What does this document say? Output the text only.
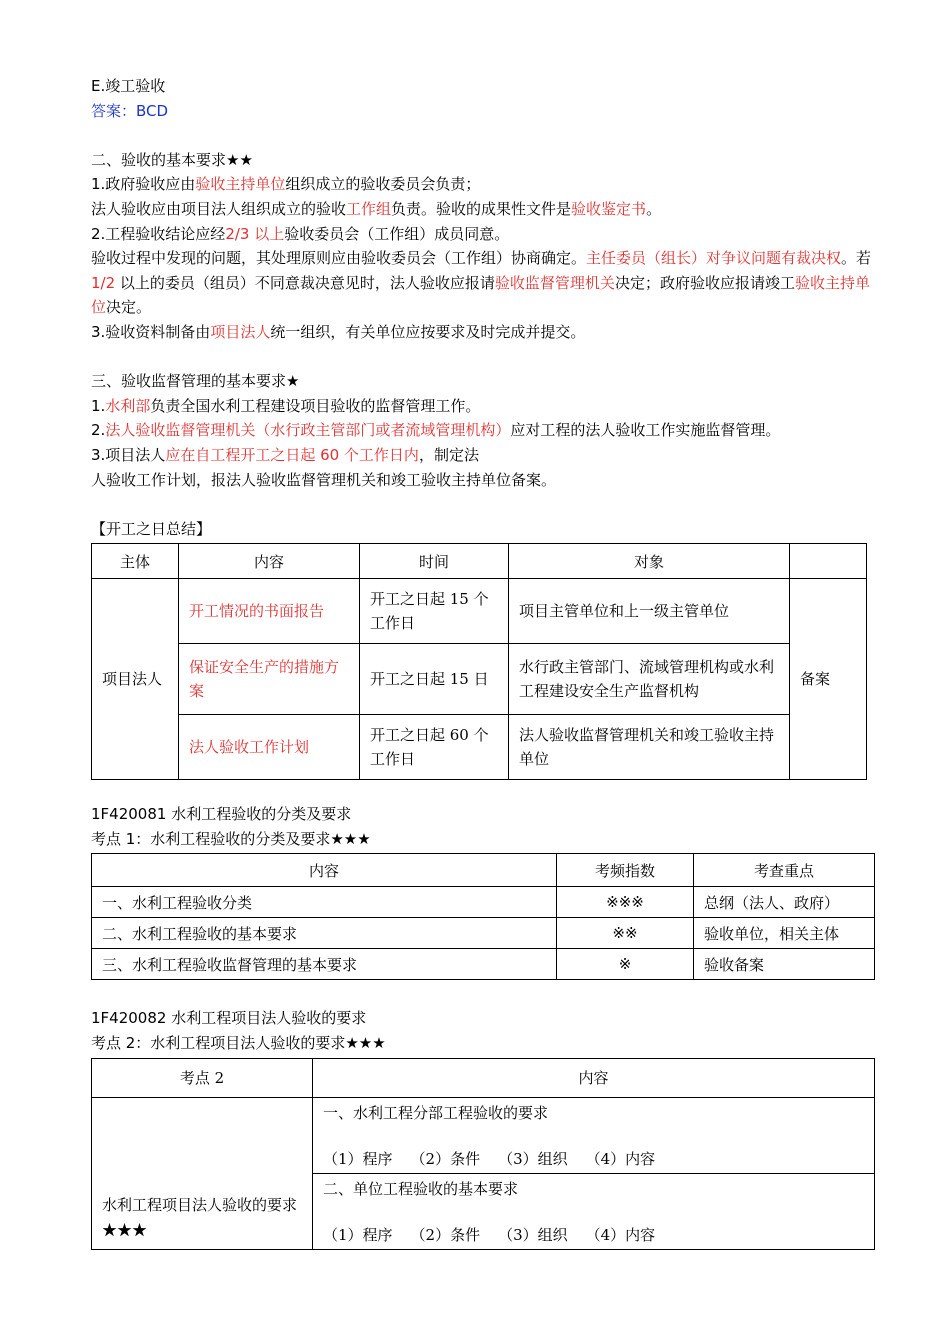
E.竣工验收
答案：BCD
二、验收的基本要求★★
1.政府验收应由验收主持单位组织成立的验收委员会负责；
法人验收应由项目法人组织成立的验收工作组负责。验收的成果性文件是验收鉴定书。
2.工程验收结论应经2/3 以上验收委员会（工作组）成员同意。
验收过程中发现的问题，其处理原则应由验收委员会（工作组）协商确定。主任委员（组长）对争议问题有裁决权。若 1/2 以上的委员（组员）不同意裁决意见时，法人验收应报请验收监督管理机关决定；政府验收应报请竣工验收主持单位决定。
3.验收资料制备由项目法人统一组织，有关单位应按要求及时完成并提交。
三、验收监督管理的基本要求★
1.水利部负责全国水利工程建设项目验收的监督管理工作。
2.法人验收监督管理机关（水行政主管部门或者流域管理机构）应对工程的法人验收工作实施监督管理。
3.项目法人应在自工程开工之日起 60 个工作日内，制定法
人验收工作计划，报法人验收监督管理机关和竣工验收主持单位备案。
【开工之日总结】
主体	内容	时间	对象	
项目法人	开工情况的书面报告	开工之日起 15 个工作日	项目主管单位和上一级主管单位	备案
	保证安全生产的措施方案	开工之日起 15 日	水行政主管部门、流域管理机构或水利工程建设安全生产监督机构	
	法人验收工作计划	开工之日起 60 个工作日	法人验收监督管理机关和竣工验收主持单位	
1F420081 水利工程验收的分类及要求
考点 1：水利工程验收的分类及要求★★★
内容	考频指数	考查重点
一、水利工程验收分类	※※※	总纲（法人、政府）
二、水利工程验收的基本要求	※※	验收单位，相关主体
三、水利工程验收监督管理的基本要求	※	验收备案
1F420082 水利工程项目法人验收的要求
考点 2：水利工程项目法人验收的要求★★★
考点 2	内容
水利工程项目法人验收的要求★★★	一、水利工程分部工程验收的要求
（1）程序 （2）条件 （3）组织 （4）内容

	二、单位工程验收的基本要求
（1）程序 （2）条件 （3）组织 （4）内容
